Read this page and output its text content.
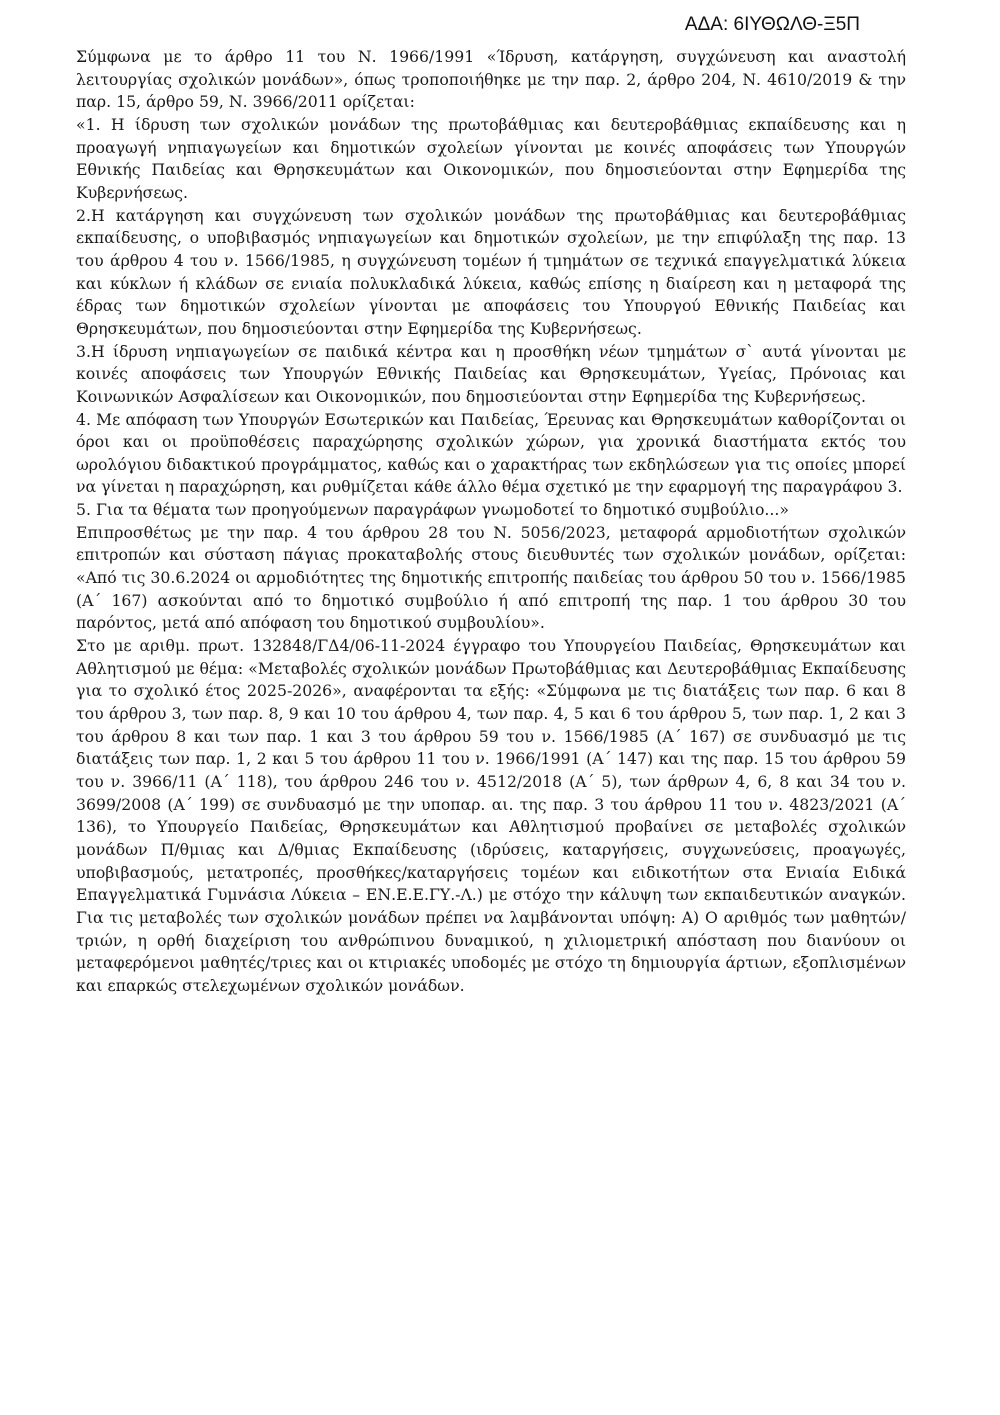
ΑΔΑ: 6ΙΥΘΩΛΘ-Ξ5Π

Σύμφωνα με το άρθρο 11 του Ν. 1966/1991 «Ίδρυση, κατάργηση, συγχώνευση και αναστολή λειτουργίας σχολικών μονάδων», όπως τροποποιήθηκε με την παρ. 2, άρθρο 204, Ν. 4610/2019 & την παρ. 15, άρθρο 59, Ν. 3966/2011 ορίζεται:

«1. Η ίδρυση των σχολικών μονάδων της πρωτοβάθμιας και δευτεροβάθμιας εκπαίδευσης και η προαγωγή νηπιαγωγείων και δημοτικών σχολείων γίνονται με κοινές αποφάσεις των Υπουργών Εθνικής Παιδείας και Θρησκευμάτων και Οικονομικών, που δημοσιεύονται στην Εφημερίδα της Κυβερνήσεως.

2.Η κατάργηση και συγχώνευση των σχολικών μονάδων της πρωτοβάθμιας και δευτεροβάθμιας εκπαίδευσης, ο υποβιβασμός νηπιαγωγείων και δημοτικών σχολείων, με την επιφύλαξη της παρ. 13 του άρθρου 4 του ν. 1566/1985, η συγχώνευση τομέων ή τμημάτων σε τεχνικά επαγγελματικά λύκεια και κύκλων ή κλάδων σε ενιαία πολυκλαδικά λύκεια, καθώς επίσης η διαίρεση και η μεταφορά της έδρας των δημοτικών σχολείων γίνονται με αποφάσεις του Υπουργού Εθνικής Παιδείας και Θρησκευμάτων, που δημοσιεύονται στην Εφημερίδα της Κυβερνήσεως.

3.Η ίδρυση νηπιαγωγείων σε παιδικά κέντρα και η προσθήκη νέων τμημάτων σ` αυτά γίνονται με κοινές αποφάσεις των Υπουργών Εθνικής Παιδείας και Θρησκευμάτων, Υγείας, Πρόνοιας και Κοινωνικών Ασφαλίσεων και Οικονομικών, που δημοσιεύονται στην Εφημερίδα της Κυβερνήσεως.

4. Με απόφαση των Υπουργών Εσωτερικών και Παιδείας, Έρευνας και Θρησκευμάτων καθορίζονται οι όροι και οι προϋποθέσεις παραχώρησης σχολικών χώρων, για χρονικά διαστήματα εκτός του ωρολόγιου διδακτικού προγράμματος, καθώς και ο χαρακτήρας των εκδηλώσεων για τις οποίες μπορεί να γίνεται η παραχώρηση, και ρυθμίζεται κάθε άλλο θέμα σχετικό με την εφαρμογή της παραγράφου 3.

5. Για τα θέματα των προηγούμενων παραγράφων γνωμοδοτεί το δημοτικό συμβούλιο...»

Επιπροσθέτως με την παρ. 4 του άρθρου 28 του Ν. 5056/2023, μεταφορά αρμοδιοτήτων σχολικών επιτροπών και σύσταση πάγιας προκαταβολής στους διευθυντές των σχολικών μονάδων, ορίζεται: «Από τις 30.6.2024 οι αρμοδιότητες της δημοτικής επιτροπής παιδείας του άρθρου 50 του ν. 1566/1985 (Α΄ 167) ασκούνται από το δημοτικό συμβούλιο ή από επιτροπή της παρ. 1 του άρθρου 30 του παρόντος, μετά από απόφαση του δημοτικού συμβουλίου».

Στο με αριθμ. πρωτ. 132848/ΓΔ4/06-11-2024 έγγραφο του Υπουργείου Παιδείας, Θρησκευμάτων και Αθλητισμού με θέμα: «Μεταβολές σχολικών μονάδων Πρωτοβάθμιας και Δευτεροβάθμιας Εκπαίδευσης για το σχολικό έτος 2025-2026», αναφέρονται τα εξής: «Σύμφωνα με τις διατάξεις των παρ. 6 και 8 του άρθρου 3, των παρ. 8, 9 και 10 του άρθρου 4, των παρ. 4, 5 και 6 του άρθρου 5, των παρ. 1, 2 και 3 του άρθρου 8 και των παρ. 1 και 3 του άρθρου 59 του ν. 1566/1985 (Α΄ 167) σε συνδυασμό με τις διατάξεις των παρ. 1, 2 και 5 του άρθρου 11 του ν. 1966/1991 (Α΄ 147) και της παρ. 15 του άρθρου 59 του ν. 3966/11 (Α΄ 118), του άρθρου 246 του ν. 4512/2018 (Α΄ 5), των άρθρων 4, 6, 8 και 34 του ν. 3699/2008 (Α΄ 199) σε συνδυασμό με την υποπαρ. αι. της παρ. 3 του άρθρου 11 του ν. 4823/2021 (Α΄ 136), το Υπουργείο Παιδείας, Θρησκευμάτων και Αθλητισμού προβαίνει σε μεταβολές σχολικών μονάδων Π/θμιας και Δ/θμιας Εκπαίδευσης (ιδρύσεις, καταργήσεις, συγχωνεύσεις, προαγωγές, υποβιβασμούς, μετατροπές, προσθήκες/καταργήσεις τομέων και ειδικοτήτων στα Ενιαία Ειδικά Επαγγελματικά Γυμνάσια Λύκεια – ΕΝ.Ε.Ε.ΓΥ.-Λ.) με στόχο την κάλυψη των εκπαιδευτικών αναγκών. Για τις μεταβολές των σχολικών μονάδων πρέπει να λαμβάνονται υπόψη: Α) Ο αριθμός των μαθητών/τριών, η ορθή διαχείριση του ανθρώπινου δυναμικού, η χιλιομετρική απόσταση που διανύουν οι μεταφερόμενοι μαθητές/τριες και οι κτιριακές υποδομές με στόχο τη δημιουργία άρτιων, εξοπλισμένων και επαρκώς στελεχωμένων σχολικών μονάδων.
